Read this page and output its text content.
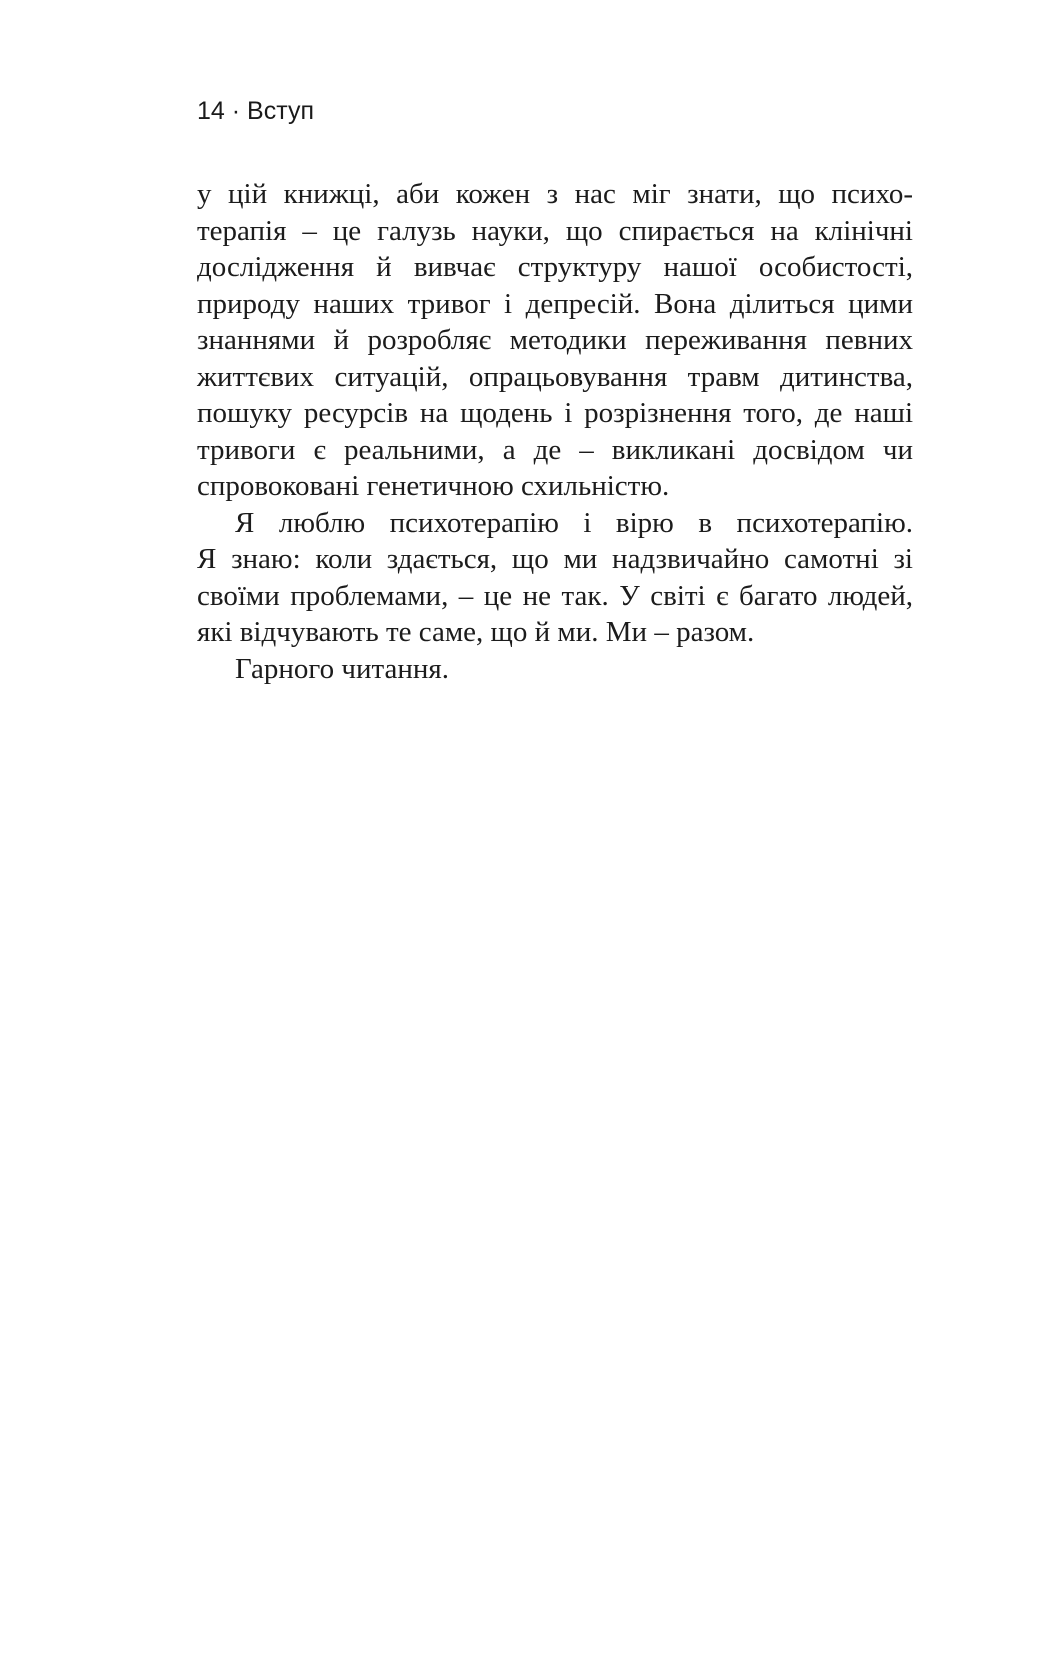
14 · Вступ
у цій книжці, аби кожен з нас міг знати, що психо-
терапія – це галузь науки, що спирається на клінічні
дослідження й вивчає структуру нашої особистості,
природу наших тривог і депресій. Вона ділиться цими
знаннями й розробляє методики переживання певних
життєвих ситуацій, опрацьовування травм дитинства,
пошуку ресурсів на щодень і розрізнення того, де наші
тривоги є реальними, а де – викликані досвідом чи
спровоковані генетичною схильністю.
Я люблю психотерапію і вірю в психотерапію.
Я знаю: коли здається, що ми надзвичайно самотні зі
своїми проблемами, – це не так. У світі є багато людей,
які відчувають те саме, що й ми. Ми – разом.
Гарного читання.
